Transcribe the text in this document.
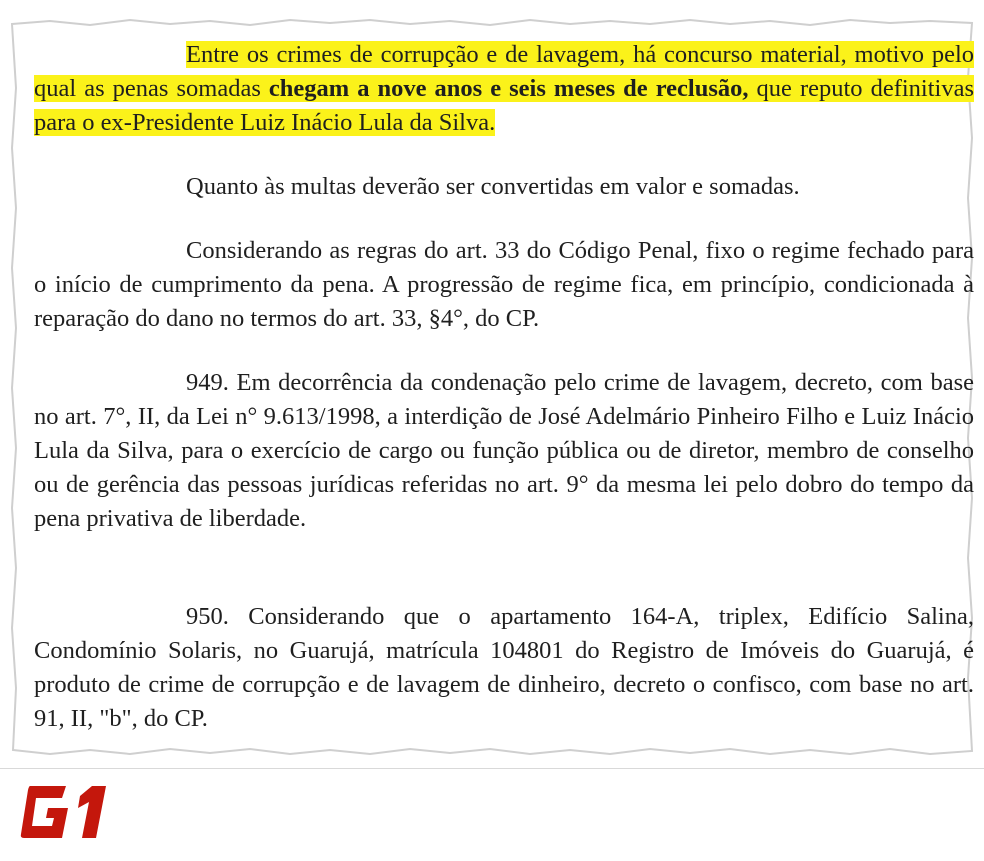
Entre os crimes de corrupção e de lavagem, há concurso material, motivo pelo qual as penas somadas chegam a nove anos e seis meses de reclusão, que reputo definitivas para o ex-Presidente Luiz Inácio Lula da Silva.

Quanto às multas deverão ser convertidas em valor e somadas.

Considerando as regras do art. 33 do Código Penal, fixo o regime fechado para o início de cumprimento da pena. A progressão de regime fica, em princípio, condicionada à reparação do dano no termos do art. 33, §4°, do CP.

949. Em decorrência da condenação pelo crime de lavagem, decreto, com base no art. 7°, II, da Lei n° 9.613/1998, a interdição de José Adelmário Pinheiro Filho e Luiz Inácio Lula da Silva, para o exercício de cargo ou função pública ou de diretor, membro de conselho ou de gerência das pessoas jurídicas referidas no art. 9° da mesma lei pelo dobro do tempo da pena privativa de liberdade.

950. Considerando que o apartamento 164-A, triplex, Edifício Salina, Condomínio Solaris, no Guarujá, matrícula 104801 do Registro de Imóveis do Guarujá, é produto de crime de corrupção e de lavagem de dinheiro, decreto o confisco, com base no art. 91, II, "b", do CP.
